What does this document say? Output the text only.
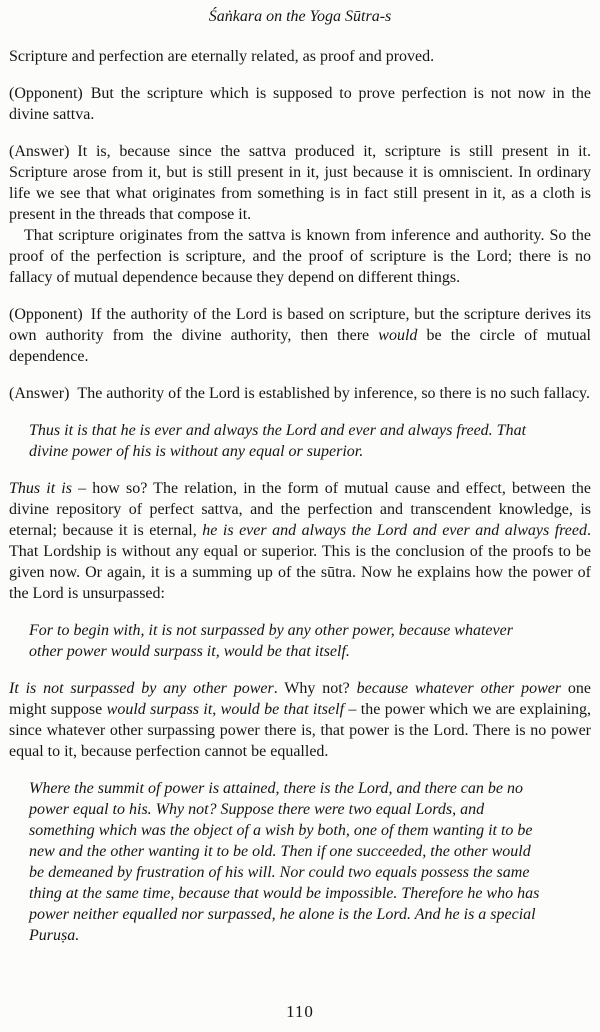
Śaṅkara on the Yoga Sūtra-s
Scripture and perfection are eternally related, as proof and proved.
(Opponent) But the scripture which is supposed to prove perfection is not now in the divine sattva.
(Answer) It is, because since the sattva produced it, scripture is still present in it. Scripture arose from it, but is still present in it, just because it is omniscient. In ordinary life we see that what originates from something is in fact still present in it, as a cloth is present in the threads that compose it.
That scripture originates from the sattva is known from inference and authority. So the proof of the perfection is scripture, and the proof of scripture is the Lord; there is no fallacy of mutual dependence because they depend on different things.
(Opponent) If the authority of the Lord is based on scripture, but the scripture derives its own authority from the divine authority, then there would be the circle of mutual dependence.
(Answer) The authority of the Lord is established by inference, so there is no such fallacy.
Thus it is that he is ever and always the Lord and ever and always freed. That divine power of his is without any equal or superior.
Thus it is – how so? The relation, in the form of mutual cause and effect, between the divine repository of perfect sattva, and the perfection and transcendent knowledge, is eternal; because it is eternal, he is ever and always the Lord and ever and always freed. That Lordship is without any equal or superior. This is the conclusion of the proofs to be given now. Or again, it is a summing up of the sūtra. Now he explains how the power of the Lord is unsurpassed:
For to begin with, it is not surpassed by any other power, because whatever other power would surpass it, would be that itself.
It is not surpassed by any other power. Why not? because whatever other power one might suppose would surpass it, would be that itself – the power which we are explaining, since whatever other surpassing power there is, that power is the Lord. There is no power equal to it, because perfection cannot be equalled.
Where the summit of power is attained, there is the Lord, and there can be no power equal to his. Why not? Suppose there were two equal Lords, and something which was the object of a wish by both, one of them wanting it to be new and the other wanting it to be old. Then if one succeeded, the other would be demeaned by frustration of his will. Nor could two equals possess the same thing at the same time, because that would be impossible. Therefore he who has power neither equalled nor surpassed, he alone is the Lord. And he is a special Puruṣa.
110
